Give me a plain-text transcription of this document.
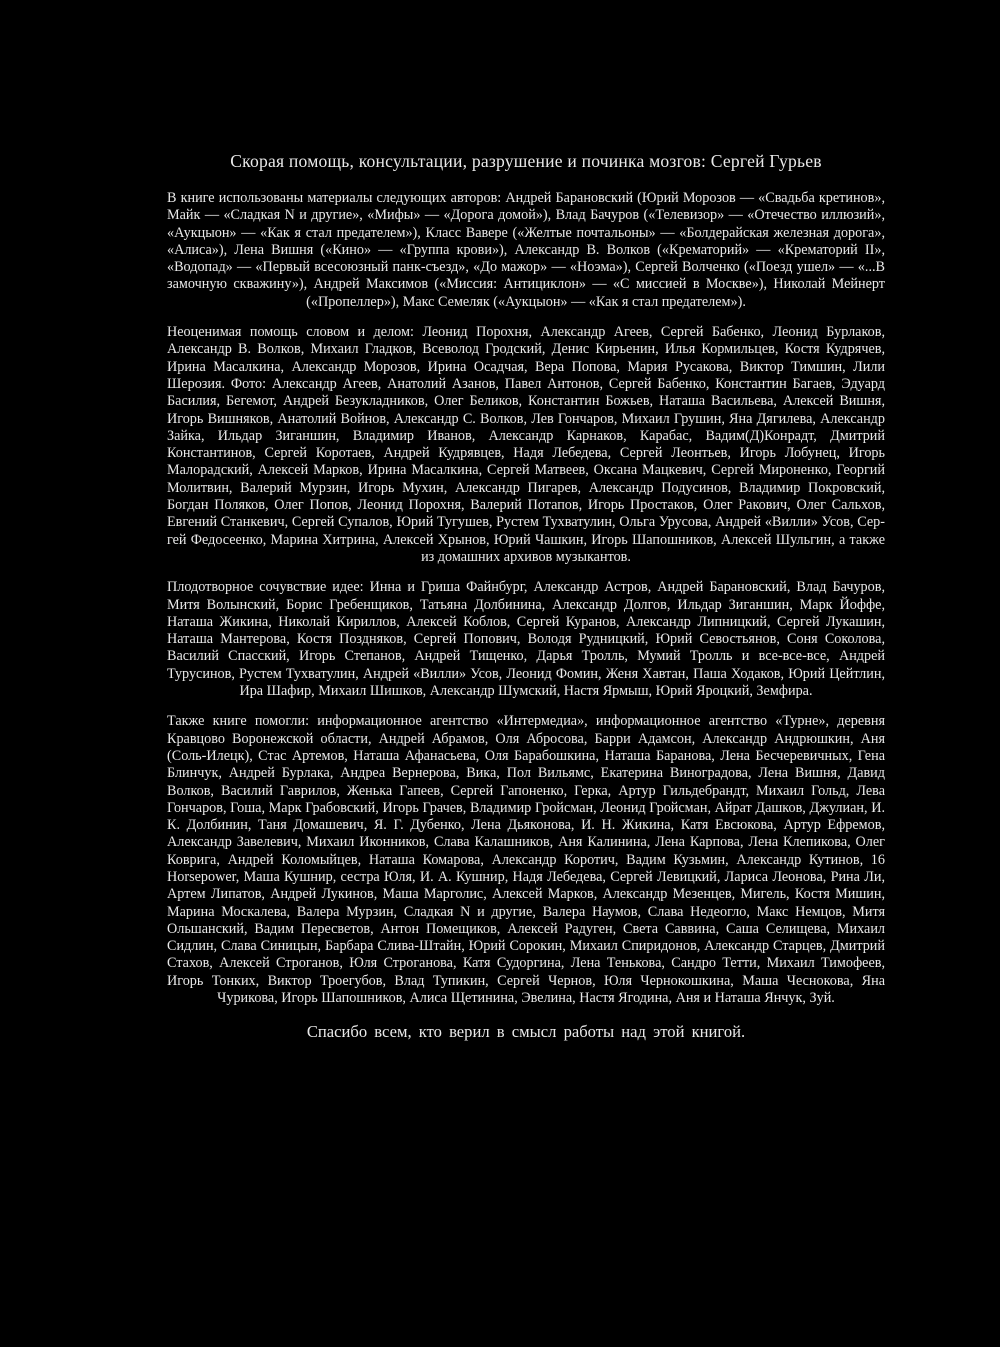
Скорая помощь, консультации, разрушение и починка мозгов: Сергей Гурьев

В книге использованы материалы следующих авторов: Андрей Барановский (Юрий Морозов — «Свадьба кретинов», Майк — «Сладкая N и другие», «Мифы» — «Дорога домой»), Влад Бачуров («Телевизор» — «Отечество иллюзий», «Аукцыон» — «Как я стал предателем»), Класс Вавере («Желтые почтальоны» — «Болдерайская железная дорога», «Алиса»), Лена Вишня («Кино» — «Группа крови»), Александр В. Волков («Крематорий» — «Крематорий II», «Водопад» — «Первый всесоюзный панк-съезд», «До мажор» — «Ноэма»), Сергей Волченко («Поезд ушел» — «...В замочную скважину»), Андрей Максимов («Миссия: Антициклон» — «С миссией в Москве»), Николай Мейнерт («Пропеллер»), Макс Семеляк («Аукцыон» — «Как я стал предателем»).

Неоценимая помощь словом и делом: Леонид Порохня, Александр Агеев, Сергей Бабенко, Леонид Бурлаков, Александр В. Волков, Михаил Гладков, Всеволод Гродский, Денис Кирьенин, Илья Кормильцев, Костя Кудрячев, Ирина Масалкина, Александр Морозов, Ирина Осадчая, Вера Попова, Мария Русакова, Виктор Тимшин, Лили Шерозия. Фото: Александр Агеев, Анатолий Азанов, Павел Антонов, Сергей Бабенко, Константин Багаев, Эдуард Басилия, Бегемот, Андрей Безукладников, Олег Беликов, Константин Божьев, Наташа Васильева, Алексей Вишня, Игорь Вишняков, Анатолий Войнов, Александр С. Волков, Лев Гончаров, Михаил Грушин, Яна Дягилева, Александр Зайка, Ильдар Зиганшин, Владимир Иванов, Александр Карнаков, Карабас, Вадим(Д)Конрадт, Дмитрий Константинов, Сергей Коротаев, Андрей Кудрявцев, Надя Лебедева, Сергей Леонтьев, Игорь Лобунец, Игорь Малорадский, Алексей Марков, Ирина Масалкина, Сергей Матвеев, Оксана Мацкевич, Сергей Мироненко, Георгий Молитвин, Валерий Мурзин, Игорь Мухин, Александр Пигарев, Александр Подусинов, Владимир Покровский, Богдан Поляков, Олег Попов, Леонид Порохня, Валерий Потапов, Игорь Простаков, Олег Ракович, Олег Сальхов, Евгений Станкевич, Сергей Супалов, Юрий Тугушев, Рустем Тухватулин, Ольга Урусова, Андрей «Вилли» Усов, Сергей Федосеенко, Марина Хитрина, Алексей Хрынов, Юрий Чашкин, Игорь Шапошников, Алексей Шульгин, а также из домашних архивов музыкантов.

Плодотворное сочувствие идее: Инна и Гриша Файнбург, Александр Астров, Андрей Барановский, Влад Бачуров, Митя Волынский, Борис Гребенщиков, Татьяна Долбинина, Александр Долгов, Ильдар Зиганшин, Марк Йоффе, Наташа Жикина, Николай Кириллов, Алексей Коблов, Сергей Куранов, Александр Липницкий, Сергей Лукашин, Наташа Мантерова, Костя Поздняков, Сергей Попович, Володя Рудницкий, Юрий Севостьянов, Соня Соколова, Василий Спасский, Игорь Степанов, Андрей Тищенко, Дарья Тролль, Мумий Тролль и все-все-все, Андрей Турусинов, Рустем Тухватулин, Андрей «Вилли» Усов, Леонид Фомин, Женя Хавтан, Паша Ходаков, Юрий Цейтлин, Ира Шафир, Михаил Шишков, Александр Шумский, Настя Ярмыш, Юрий Яроцкий, Земфира.

Также книге помогли: информационное агентство «Интермедиа», информационное агентство «Турне», деревня Кравцово Воронежской области, Андрей Абрамов, Оля Абросова, Барри Адамсон, Александр Андрюшкин, Аня (Соль-Илецк), Стас Артемов, Наташа Афанасьева, Оля Барабошкина, Наташа Баранова, Лена Бесчеревичных, Гена Блинчук, Андрей Бурлака, Андреа Вернерова, Вика, Пол Вильямс, Екатерина Виноградова, Лена Вишня, Давид Волков, Василий Гаврилов, Женька Гапеев, Сергей Гапоненко, Герка, Артур Гильдебрандт, Михаил Гольд, Лева Гончаров, Гоша, Марк Грабовский, Игорь Грачев, Владимир Гройсман, Леонид Гройсман, Айрат Дашков, Джулиан, И. К. Долбинин, Таня Домашевич, Я. Г. Дубенко, Лена Дьяконова, И. Н. Жикина, Катя Евсюкова, Артур Ефремов, Александр Завелевич, Михаил Иконников, Слава Калашников, Аня Калинина, Лена Карпова, Лена Клепикова, Олег Коврига, Андрей Коломыйцев, Наташа Комарова, Александр Коротич, Вадим Кузьмин, Александр Кутинов, 16 Horsepower, Маша Кушнир, сестра Юля, И. А. Кушнир, Надя Лебедева, Сергей Левицкий, Лариса Леонова, Рина Ли, Артем Липатов, Андрей Лукинов, Маша Марголис, Алексей Марков, Александр Мезенцев, Мигель, Костя Мишин, Марина Москалева, Валера Мурзин, Сладкая N и другие, Валера Наумов, Слава Недеогло, Макс Немцов, Митя Ольшанский, Вадим Пересветов, Антон Помещиков, Алексей Радуген, Света Саввина, Саша Селищева, Михаил Сидлин, Слава Синицын, Барбара Слива-Штайн, Юрий Сорокин, Михаил Спиридонов, Александр Старцев, Дмитрий Стахов, Алексей Строганов, Юля Строганова, Катя Судоргина, Лена Тенькова, Сандро Тетти, Михаил Тимофеев, Игорь Тонких, Виктор Троегубов, Влад Тупикин, Сергей Чернов, Юля Чернокошкина, Маша Чеснокова, Яна Чурикова, Игорь Шапошников, Алиса Щетинина, Эвелина, Настя Ягодина, Аня и Наташа Янчук, Зуй.

Спасибо всем, кто верил в смысл работы над этой книгой.
